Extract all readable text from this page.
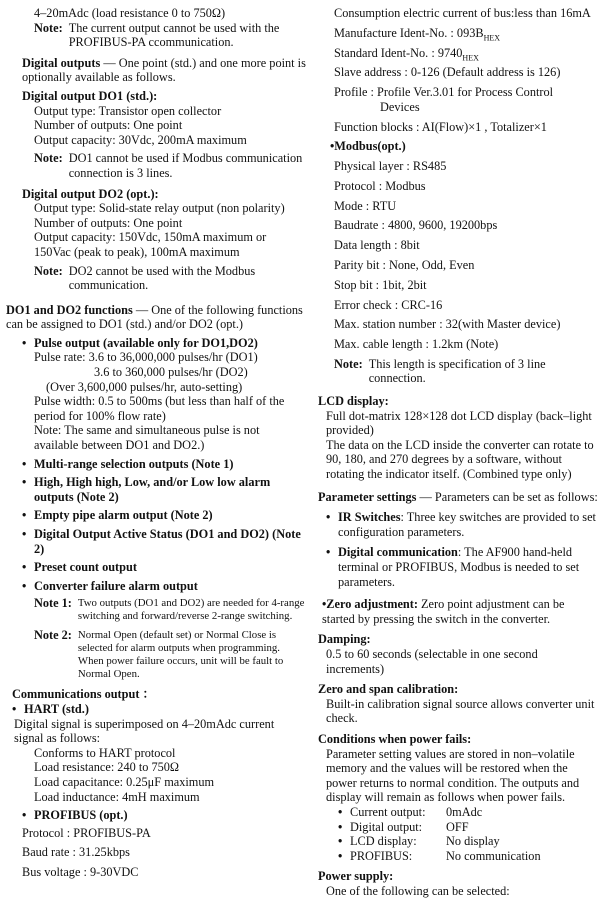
4–20mAdc (load resistance 0 to 750Ω)

Note: The current output cannot be used with the PROFIBUS-PA ccommunication.

Digital outputs — One point (std.) and one more point is optionally available as follows.

Digital output DO1 (std.):

Output type: Transistor open collector

Number of outputs: One point

Output capacity: 30Vdc, 200mA maximum

Note: DO1 cannot be used if Modbus communication connection is 3 lines.

Digital output DO2 (opt.):

Output type: Solid-state relay output (non polarity)

Number of outputs: One point

Output capacity: 150Vdc, 150mA maximum or 150Vac (peak to peak), 100mA maximum

Note: DO2 cannot be used with the Modbus communication.

DO1 and DO2 functions — One of the following functions can be assigned to DO1 (std.) and/or DO2 (opt.)

• Pulse output (available only for DO1,DO2)

Pulse rate: 3.6 to 36,000,000 pulses/hr (DO1)

3.6 to 360,000 pulses/hr (DO2)

(Over 3,600,000 pulses/hr, auto-setting)

Pulse width: 0.5 to 500ms (but less than half of the period for 100% flow rate)

Note: The same and simultaneous pulse is not available between DO1 and DO2.)

• Multi-range selection outputs (Note 1)
• High, High high, Low, and/or Low low alarm outputs (Note 2)
• Empty pipe alarm output (Note 2)
• Digital Output Active Status (DO1 and DO2) (Note 2)
• Preset count output
• Converter failure alarm output
Note 1: Two outputs (DO1 and DO2) are needed for 4-range switching and forward/reverse 2-range switching.
Note 2: Normal Open (default set) or Normal Close is selected for alarm outputs when programming.
When power failure occurs, unit will be fault to Normal Open.

Communications output ：

• HART (std.)

Digital signal is superimposed on 4–20mAdc current signal as follows:

Conforms to HART protocol

Load resistance: 240 to 750Ω

Load capacitance: 0.25μF maximum

Load inductance: 4mH maximum

• PROFIBUS (opt.)

Protocol : PROFIBUS-PA

Baud rate : 31.25kbps

Bus voltage : 9-30VDC

Consumption electric current of bus:less than 16mA

Manufacture Ident-No. : $093B_{HEX}$

Standard Ident-No. : $9740_{HEX}$

Slave address : 0-126 (Default address is 126)

Profile : Profile Ver.3.01 for Process Control

Devices

Function blocks : AI(Flow)×1 , Totalizer×1

•Modbus(opt.)

Physical layer : RS485

Protocol : Modbus

Mode : RTU

Baudrate : 4800, 9600, 19200bps

Data length : 8bit

Parity bit : None, Odd, Even

Stop bit : 1bit, 2bit

Error check : CRC-16

Max. station number : 32(with Master device)

Max. cable length : 1.2km (Note)

Note: This length is specification of 3 line connection.

LCD display:

Full dot-matrix 128×128 dot LCD display (back–light provided)

The data on the LCD inside the converter can rotate to 90, 180, and 270 degrees by a software, without rotating the indicator itself. (Combined type only)

Parameter settings — Parameters can be set as follows:

• IR Switches: Three key switches are provided to set configuration parameters.
• Digital communication: The AF900 hand-held terminal or PROFIBUS, Modbus is needed to set parameters.

•Zero adjustment: Zero point adjustment can be started by pressing the switch in the converter.

Damping:

0.5 to 60 seconds (selectable in one second increments)

Zero and span calibration:

Built-in calibration signal source allows converter unit check.

Conditions when power fails:

Parameter setting values are stored in non–volatile memory and the values will be restored when the power returns to normal condition. The outputs and display will remain as follows when power fails.

• Current output:	0mAdc
• Digital output:	OFF
• LCD display:	No display
• PROFIBUS:	No communication

Power supply:

One of the following can be selected:
